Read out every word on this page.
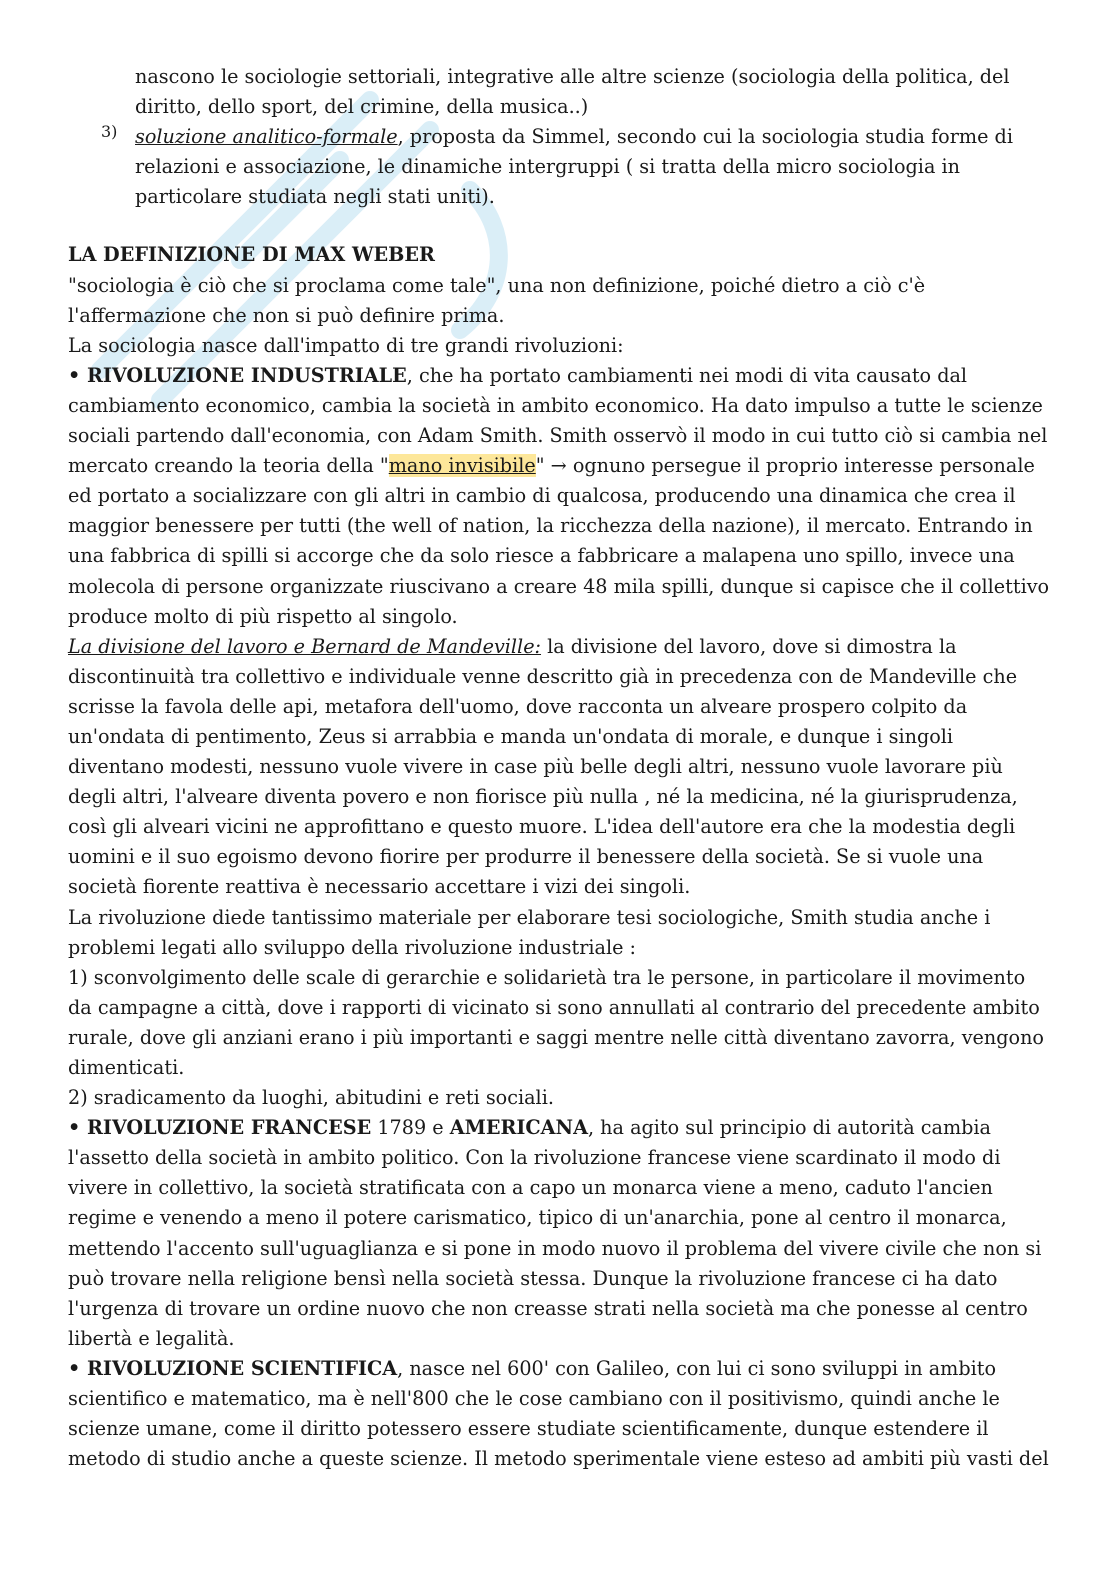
nascono le sociologie settoriali, integrative alle altre scienze (sociologia della politica, del diritto, dello sport, del crimine, della musica..)

3) soluzione analitico-formale, proposta da Simmel, secondo cui la sociologia studia forme di relazioni e associazione, le dinamiche intergruppi ( si tratta della micro sociologia in particolare studiata negli stati uniti).

LA DEFINIZIONE DI MAX WEBER

"sociologia è ciò che si proclama come tale", una non definizione, poiché dietro a ciò c'è l'affermazione che non si può definire prima.

La sociologia nasce dall'impatto di tre grandi rivoluzioni:

• RIVOLUZIONE INDUSTRIALE, che ha portato cambiamenti nei modi di vita causato dal cambiamento economico, cambia la società in ambito economico. Ha dato impulso a tutte le scienze sociali partendo dall'economia, con Adam Smith. Smith osservò il modo in cui tutto ciò si cambia nel mercato creando la teoria della "mano invisibile" → ognuno persegue il proprio interesse personale ed portato a socializzare con gli altri in cambio di qualcosa, producendo una dinamica che crea il maggior benessere per tutti (the well of nation, la ricchezza della nazione), il mercato. Entrando in una fabbrica di spilli si accorge che da solo riesce a fabbricare a malapena uno spillo, invece una molecola di persone organizzate riuscivano a creare 48 mila spilli, dunque si capisce che il collettivo produce molto di più rispetto al singolo.

La divisione del lavoro e Bernard de Mandeville: la divisione del lavoro, dove si dimostra la discontinuità tra collettivo e individuale venne descritto già in precedenza con de Mandeville che scrisse la favola delle api, metafora dell'uomo, dove racconta un alveare prospero colpito da un'ondata di pentimento, Zeus si arrabbia e manda un'ondata di morale, e dunque i singoli diventano modesti, nessuno vuole vivere in case più belle degli altri, nessuno vuole lavorare più degli altri, l'alveare diventa povero e non fiorisce più nulla , né la medicina, né la giurisprudenza, così gli alveari vicini ne approfittano e questo muore. L'idea dell'autore era che la modestia degli uomini e il suo egoismo devono fiorire per produrre il benessere della società. Se si vuole una società fiorente reattiva è necessario accettare i vizi dei singoli.

La rivoluzione diede tantissimo materiale per elaborare tesi sociologiche, Smith studia anche i problemi legati allo sviluppo della rivoluzione industriale :

1) sconvolgimento delle scale di gerarchie e solidarietà tra le persone, in particolare il movimento da campagne a città, dove i rapporti di vicinato si sono annullati al contrario del precedente ambito rurale, dove gli anziani erano i più importanti e saggi mentre nelle città diventano zavorra, vengono dimenticati.

2) sradicamento da luoghi, abitudini e reti sociali.

• RIVOLUZIONE FRANCESE 1789 e AMERICANA, ha agito sul principio di autorità cambia l'assetto della società in ambito politico. Con la rivoluzione francese viene scardinato il modo di vivere in collettivo, la società stratificata con a capo un monarca viene a meno, caduto l'ancien regime e venendo a meno il potere carismatico, tipico di un'anarchia, pone al centro il monarca, mettendo l'accento sull'uguaglianza e si pone in modo nuovo il problema del vivere civile che non si può trovare nella religione bensì nella società stessa. Dunque la rivoluzione francese ci ha dato l'urgenza di trovare un ordine nuovo che non creasse strati nella società ma che ponesse al centro libertà e legalità.

• RIVOLUZIONE SCIENTIFICA, nasce nel 600' con Galileo, con lui ci sono sviluppi in ambito scientifico e matematico, ma è nell'800 che le cose cambiano con il positivismo, quindi anche le scienze umane, come il diritto potessero essere studiate scientificamente, dunque estendere il metodo di studio anche a queste scienze. Il metodo sperimentale viene esteso ad ambiti più vasti del
